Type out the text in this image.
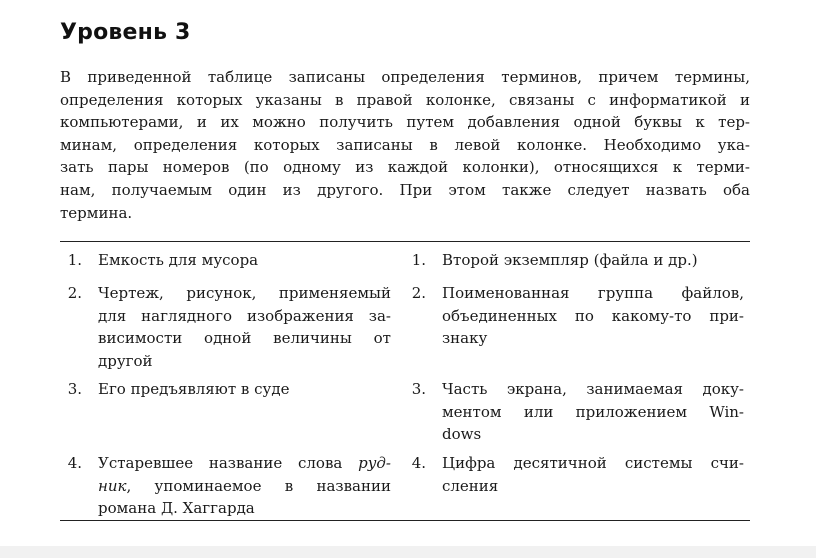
Уровень 3
В приведенной таблице записаны определения терминов, причем термины,
определения которых указаны в правой колонке, связаны с информатикой и
компьютерами, и их можно получить путем добавления одной буквы к тер-
минам, определения которых записаны в левой колонке. Необходимо ука-
зать пары номеров (по одному из каждой колонки), относящихся к терми-
нам, получаемым один из другого. При этом также следует назвать оба
термина.
1. Емкость для мусора
2. Чертеж, рисунок, применяемый
для наглядного изображения за-
висимости одной величины от
другой
3. Его предъявляют в суде
4. Устаревшее название слова руд-
ник, упоминаемое в названии
романа Д. Хаггарда
1. Второй экземпляр (файла и др.)
2. Поименованная группа файлов,
объединенных по какому-то при-
знаку
3. Часть экрана, занимаемая доку-
ментом или приложением Win-
dows
4. Цифра десятичной системы счи-
сления
